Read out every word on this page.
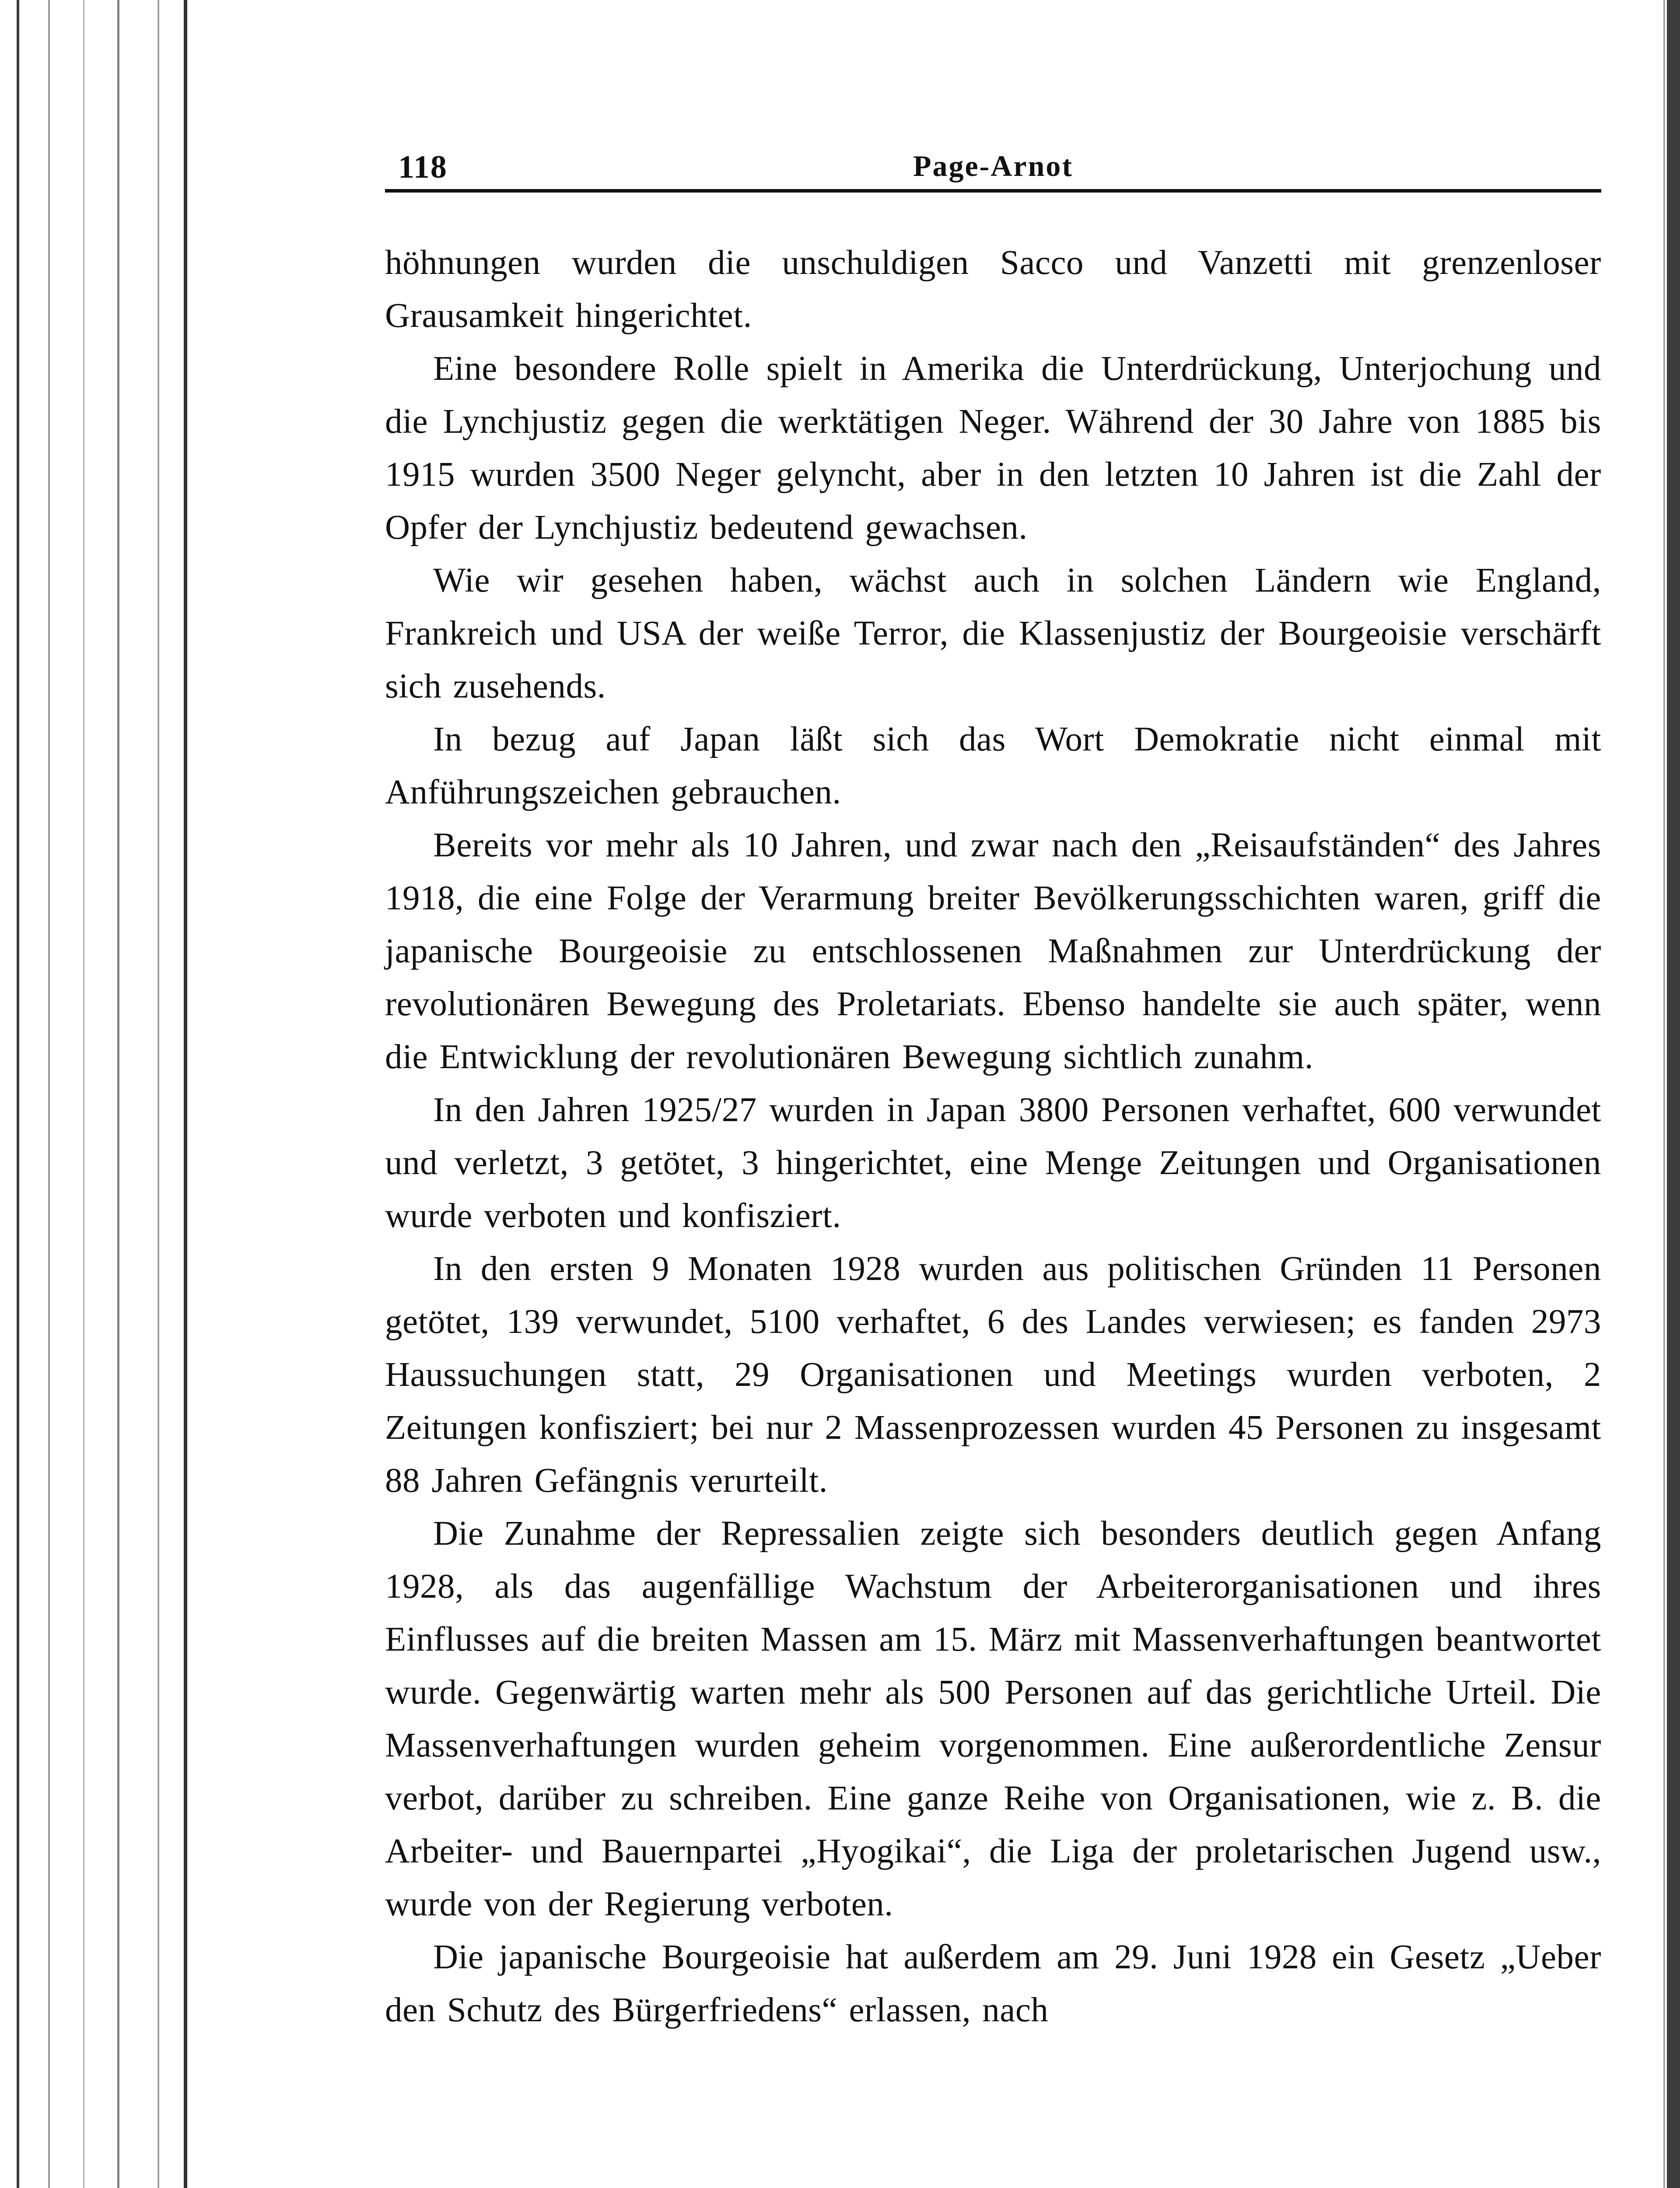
118	Page-Arnot

höhnungen wurden die unschuldigen Sacco und Vanzetti mit grenzenloser Grausamkeit hingerichtet.

Eine besondere Rolle spielt in Amerika die Unterdrückung, Unterjochung und die Lynchjustiz gegen die werktätigen Neger. Während der 30 Jahre von 1885 bis 1915 wurden 3500 Neger gelyncht, aber in den letzten 10 Jahren ist die Zahl der Opfer der Lynchjustiz bedeutend gewachsen.

Wie wir gesehen haben, wächst auch in solchen Ländern wie England, Frankreich und USA der weiße Terror, die Klassenjustiz der Bourgeoisie verschärft sich zusehends.

In bezug auf Japan läßt sich das Wort Demokratie nicht einmal mit Anführungszeichen gebrauchen.

Bereits vor mehr als 10 Jahren, und zwar nach den „Reisaufständen“ des Jahres 1918, die eine Folge der Verarmung breiter Bevölkerungsschichten waren, griff die japanische Bourgeoisie zu entschlossenen Maßnahmen zur Unterdrückung der revolutionären Bewegung des Proletariats. Ebenso handelte sie auch später, wenn die Entwicklung der revolutionären Bewegung sichtlich zunahm.

In den Jahren 1925/27 wurden in Japan 3800 Personen verhaftet, 600 verwundet und verletzt, 3 getötet, 3 hingerichtet, eine Menge Zeitungen und Organisationen wurde verboten und konfisziert.

In den ersten 9 Monaten 1928 wurden aus politischen Gründen 11 Personen getötet, 139 verwundet, 5100 verhaftet, 6 des Landes verwiesen; es fanden 2973 Haussuchungen statt, 29 Organisationen und Meetings wurden verboten, 2 Zeitungen konfisziert; bei nur 2 Massenprozessen wurden 45 Personen zu insgesamt 88 Jahren Gefängnis verurteilt.

Die Zunahme der Repressalien zeigte sich besonders deutlich gegen Anfang 1928, als das augenfällige Wachstum der Arbeiterorganisationen und ihres Einflusses auf die breiten Massen am 15. März mit Massenverhaftungen beantwortet wurde. Gegenwärtig warten mehr als 500 Personen auf das gerichtliche Urteil. Die Massenverhaftungen wurden geheim vorgenommen. Eine außerordentliche Zensur verbot, darüber zu schreiben. Eine ganze Reihe von Organisationen, wie z. B. die Arbeiter- und Bauernpartei „Hyogikai“, die Liga der proletarischen Jugend usw., wurde von der Regierung verboten.

Die japanische Bourgeoisie hat außerdem am 29. Juni 1928 ein Gesetz „Ueber den Schutz des Bürgerfriedens“ erlassen, nach
